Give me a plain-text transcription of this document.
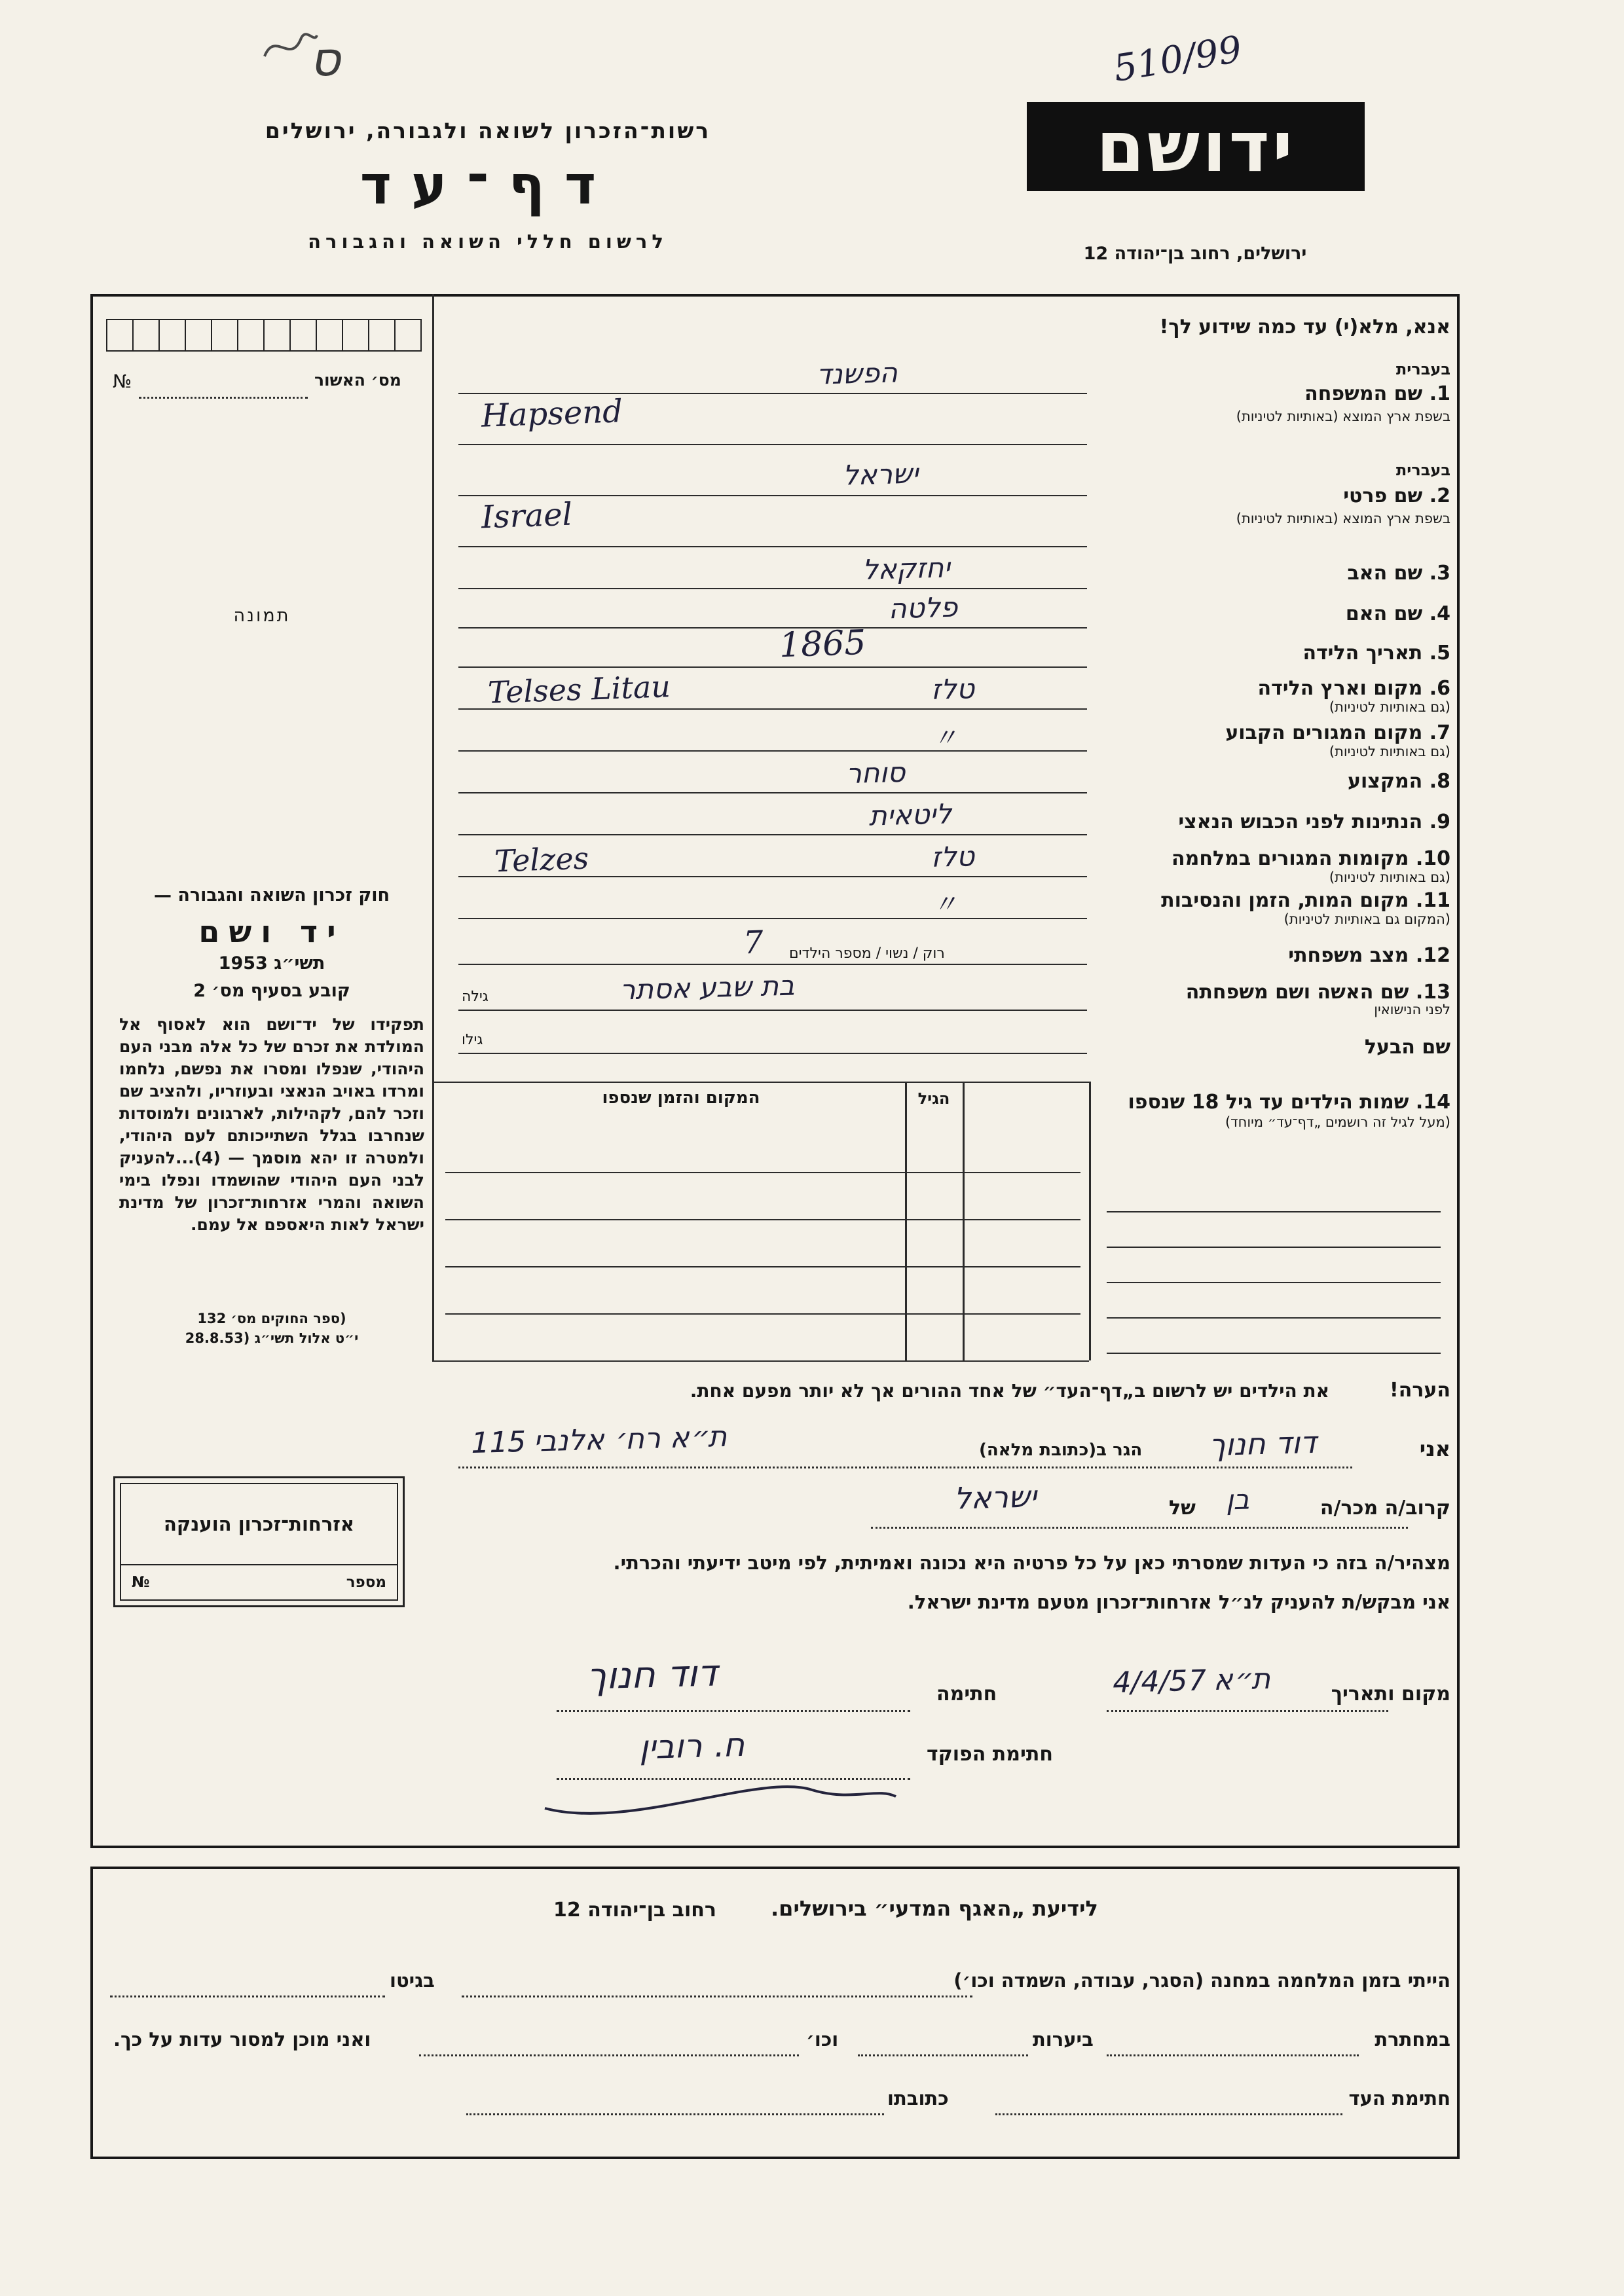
510/99
ס
רשות־הזכרון לשואה ולגבורה, ירושלים
דף־עד
לרשום חללי השואה והגבורה
ידושם
ירושלים, רחוב בן־יהודה 12
אנא, מלא(י) עד כמה שידוע לך!
№	מס׳ האשור
תמונה
בעברית
1. שם המשפחה
בשפת ארץ המוצא (באותיות לטיניות)
בעברית
2. שם פרטי
בשפת ארץ המוצא (באותיות לטיניות)
3. שם האב
4. שם האם
5. תאריך הלידה
6. מקום וארץ הלידה
(גם באותיות לטיניות)
7. מקום המגורים הקבוע
(גם באותיות לטיניות)
8. המקצוע
9. הנתינות לפני הכבוש הנאצי
10. מקומות המגורים במלחמה
(גם באותיות לטיניות)
11. מקום המות, הזמן והנסיבות
(המקום גם באותיות לטיניות)
12. מצב משפחתי
13. שם האשה ושם משפחתה
לפני הנישואין
שם הבעל
14. שמות הילדים עד גיל 18 שנספו
(מעל לגיל זה רושמים „דף־עד״ מיוחד)
הפשנד
Hapsend
ישראל
Israel
יחזקאל
פלטה
1865
טלז
Telses Litau
〃
סוחר
ליטאית
טלז
Telzes
〃
רוק / נשוי / מספר הילדים
7
גילה	בת שבע אסתר
גילו
הגיל
המקום והזמן שנספו
הערה!
את הילדים יש לרשום ב„דף־העד״ של אחד ההורים אך לא יותר מפעם אחת.
אני
דוד חנוך
הגר ב(כתובת מלאה)
ת״א רח׳ אלנבי 115
קרוב/ה מכר/ה
בן
של
ישראל
מצהיר/ה בזה כי העדות שמסרתי כאן על כל פרטיה היא נכונה ואמיתית, לפי מיטב ידיעתי והכרתי.
אני מבקש/ת להעניק לנ״ל אזרחות־זכרון מטעם מדינת ישראל.
מקום ותאריך
ת״א 4/4/57
חתימה
דוד חנוך
חתימת הפוקד
ח. רובין
חוק זכרון השואה והגבורה —
יד ושם
תשי״ג 1953
קובע בסעיף מס׳ 2
תפקידו של יד־ושם הוא לאסוף אל המולדת את זכרם של כל אלה מבני העם היהודי, שנפלו ומסרו את נפשם, נלחמו ומרדו באויב הנאצי ובעוזריו, ולהציב שם וזכר להם, לקהילות, לארגונים ולמוסדות שנחרבו בגלל השתייכותם לעם היהודי, ולמטרה זו יהא מוסמך — (4)...להעניק לבני העם היהודי שהושמדו ונפלו בימי השואה והמרי אזרחות־זכרון של מדינת ישראל לאות היאספם אל עמם.
(ספר החוקים מס׳ 132
י״ט אלול תשי״ג (28.8.53
אזרחות־זכרון הוענקה
מספר
№
לידיעת „האגף המדעי״ בירושלים.
רחוב בן־יהודה 12
הייתי בזמן המלחמה במחנה (הסגר, עבודה, השמדה וכו׳)
בגיטו
במחתרת
ביערות
וכו׳
ואני מוכן למסור עדות על כך.
חתימת העד
כתובתו
